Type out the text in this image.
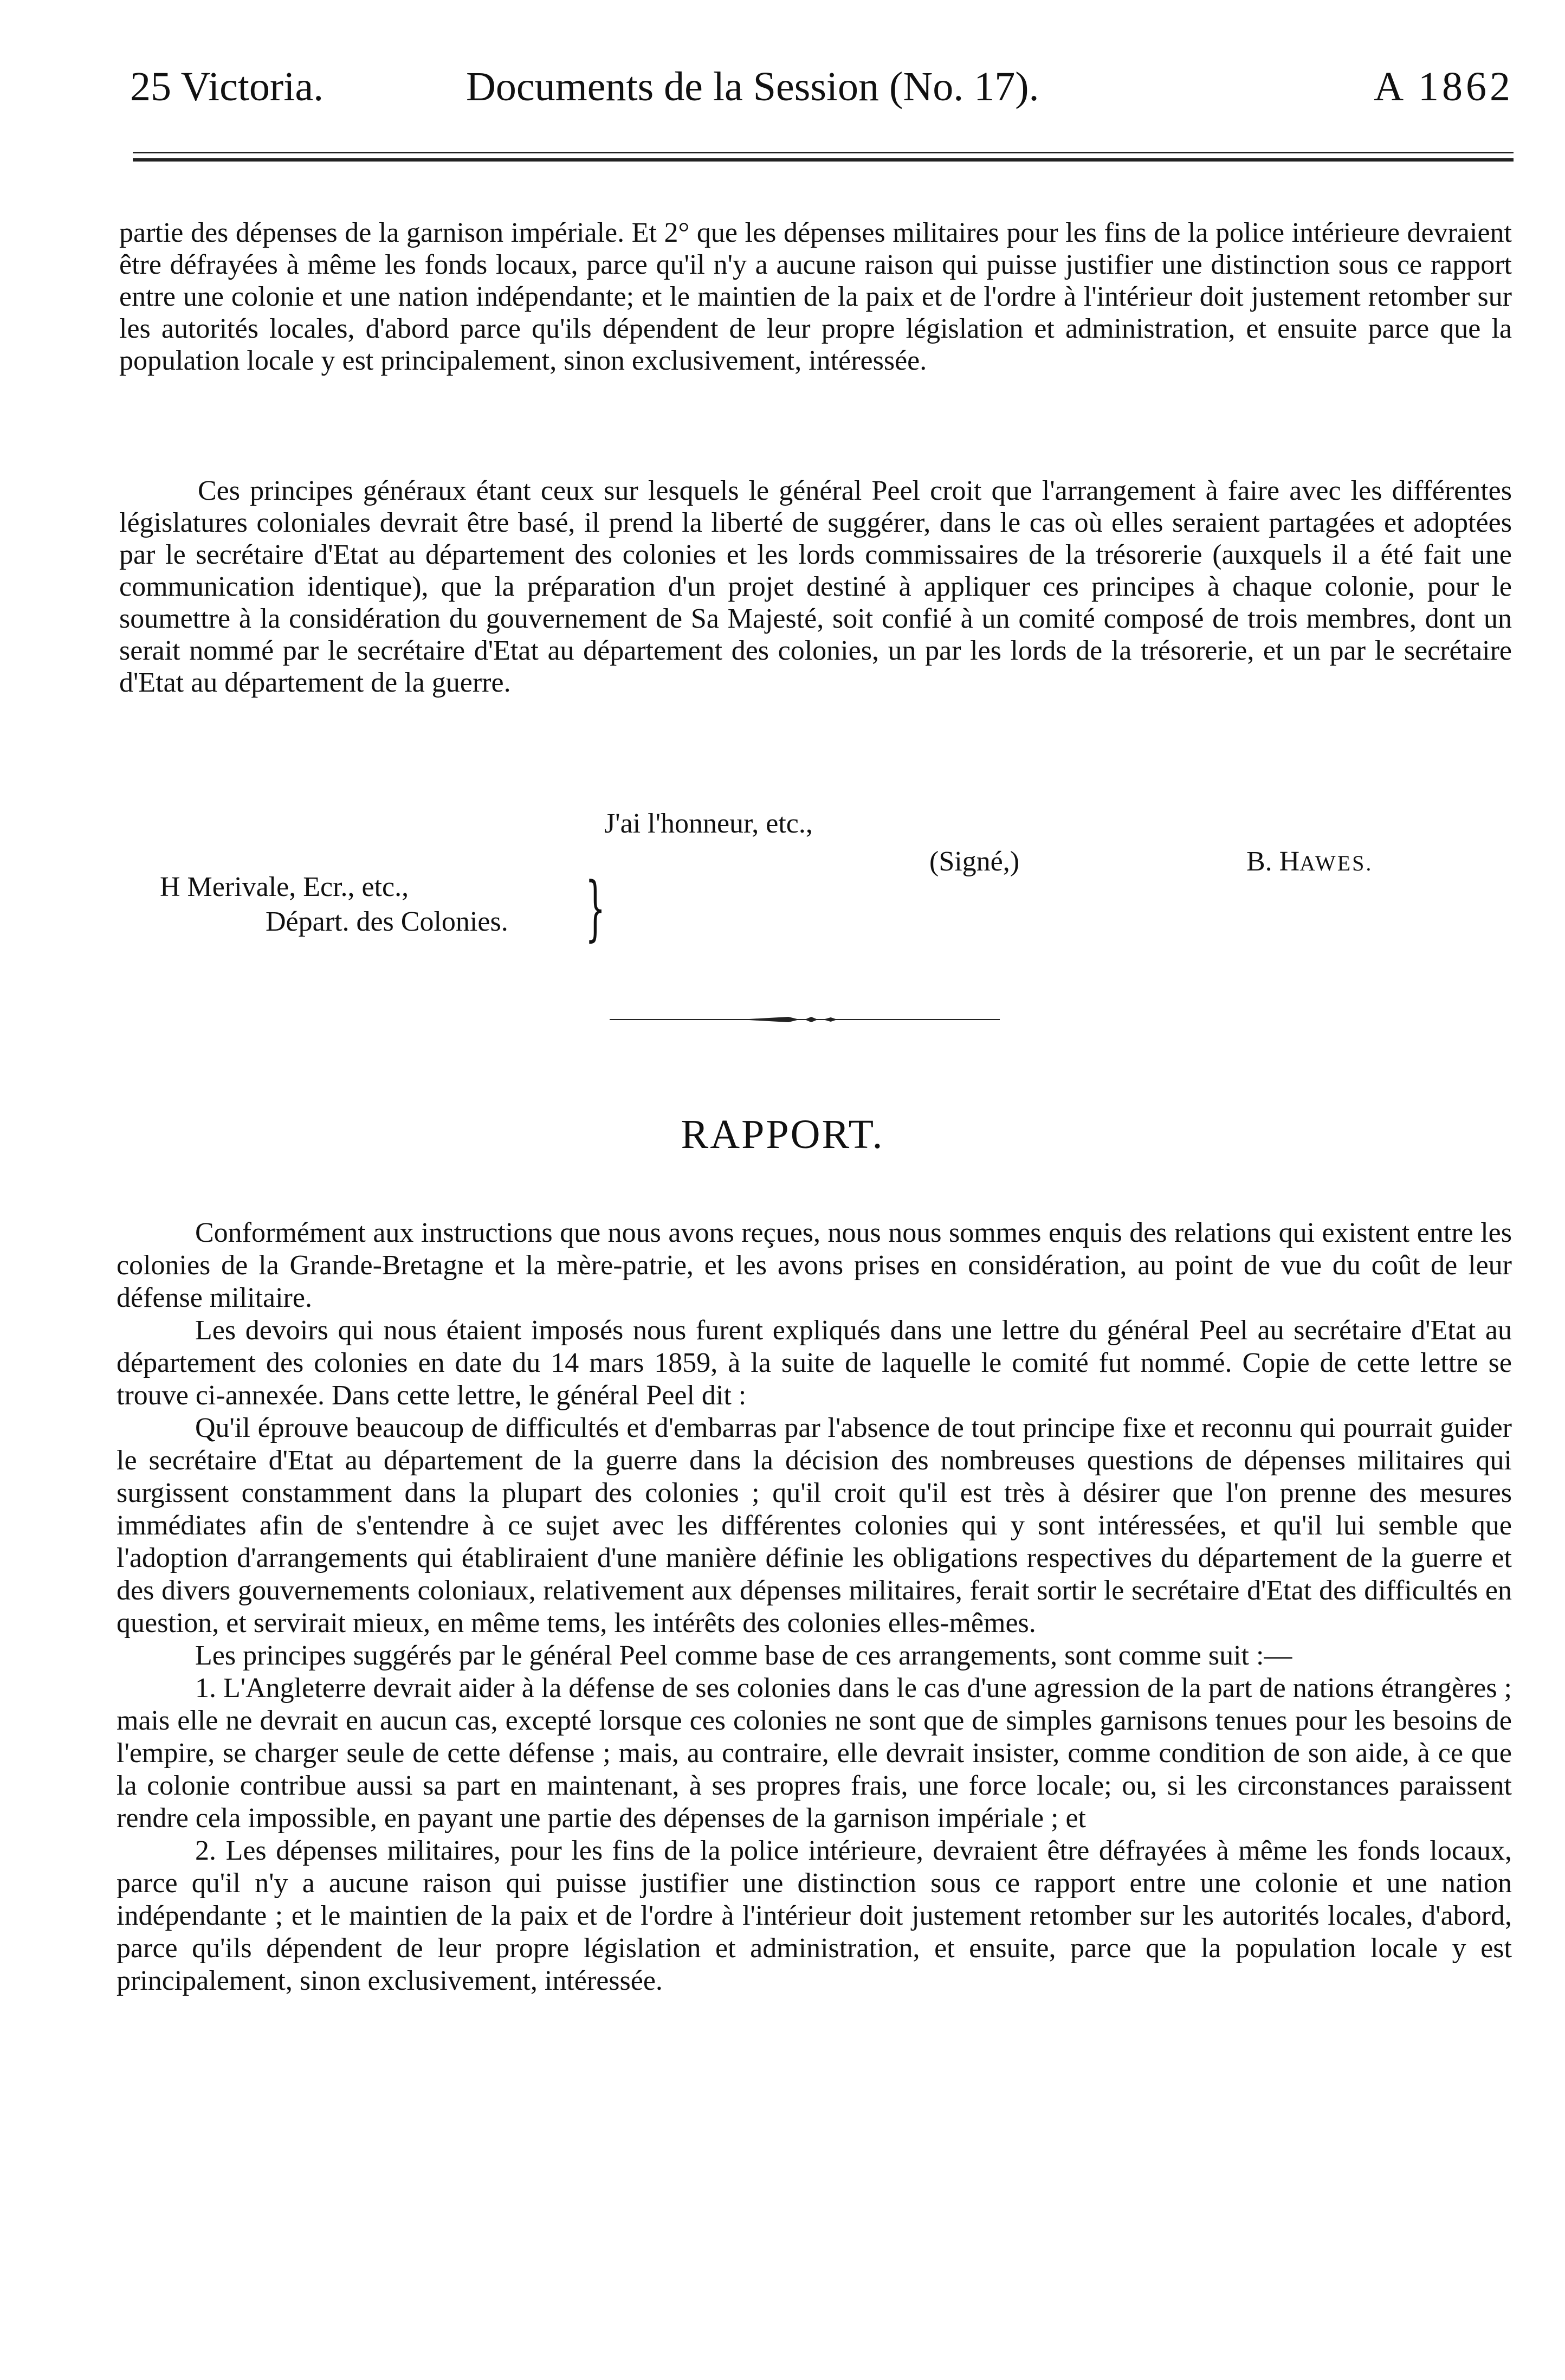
25 Victoria.	Documents de la Session (No. 17).	A 1862

partie des dépenses de la garnison impériale. Et 2° que les dépenses militaires pour les fins de la police intérieure devraient être défrayées à même les fonds locaux, parce qu'il n'y a aucune raison qui puisse justifier une distinction sous ce rapport entre une colonie et une nation indépendante; et le maintien de la paix et de l'ordre à l'intérieur doit justement retomber sur les autorités locales, d'abord parce qu'ils dépendent de leur propre législation et administration, et ensuite parce que la population locale y est principalement, sinon exclusivement, intéressée.

Ces principes généraux étant ceux sur lesquels le général Peel croit que l'arrangement à faire avec les différentes législatures coloniales devrait être basé, il prend la liberté de suggérer, dans le cas où elles seraient partagées et adoptées par le secrétaire d'Etat au département des colonies et les lords commissaires de la trésorerie (auxquels il a été fait une communication identique), que la préparation d'un projet destiné à appliquer ces principes à chaque colonie, pour le soumettre à la considération du gouvernement de Sa Majesté, soit confié à un comité composé de trois membres, dont un serait nommé par le secrétaire d'Etat au département des colonies, un par les lords de la trésorerie, et un par le secrétaire d'Etat au département de la guerre.

J'ai l'honneur, etc.,
(Signé,)	B. HAWES.
H Merivale, Ecr., etc.,
Départ. des Colonies. }
RAPPORT.

Conformément aux instructions que nous avons reçues, nous nous sommes enquis des relations qui existent entre les colonies de la Grande-Bretagne et la mère-patrie, et les avons prises en considération, au point de vue du coût de leur défense militaire.

Les devoirs qui nous étaient imposés nous furent expliqués dans une lettre du général Peel au secrétaire d'Etat au département des colonies en date du 14 mars 1859, à la suite de laquelle le comité fut nommé. Copie de cette lettre se trouve ci-annexée. Dans cette lettre, le général Peel dit :

Qu'il éprouve beaucoup de difficultés et d'embarras par l'absence de tout principe fixe et reconnu qui pourrait guider le secrétaire d'Etat au département de la guerre dans la décision des nombreuses questions de dépenses militaires qui surgissent constamment dans la plupart des colonies ; qu'il croit qu'il est très à désirer que l'on prenne des mesures immédiates afin de s'entendre à ce sujet avec les différentes colonies qui y sont intéressées, et qu'il lui semble que l'adoption d'arrangements qui établiraient d'une manière définie les obligations respectives du département de la guerre et des divers gouvernements coloniaux, relativement aux dépenses militaires, ferait sortir le secrétaire d'Etat des difficultés en question, et servirait mieux, en même tems, les intérêts des colonies elles-mêmes.

Les principes suggérés par le général Peel comme base de ces arrangements, sont comme suit :—

1. L'Angleterre devrait aider à la défense de ses colonies dans le cas d'une agression de la part de nations étrangères ; mais elle ne devrait en aucun cas, excepté lorsque ces colonies ne sont que de simples garnisons tenues pour les besoins de l'empire, se charger seule de cette défense ; mais, au contraire, elle devrait insister, comme condition de son aide, à ce que la colonie contribue aussi sa part en maintenant, à ses propres frais, une force locale; ou, si les circonstances paraissent rendre cela impossible, en payant une partie des dépenses de la garnison impériale ; et

2. Les dépenses militaires, pour les fins de la police intérieure, devraient être défrayées à même les fonds locaux, parce qu'il n'y a aucune raison qui puisse justifier une distinction sous ce rapport entre une colonie et une nation indépendante ; et le maintien de la paix et de l'ordre à l'intérieur doit justement retomber sur les autorités locales, d'abord, parce qu'ils dépendent de leur propre législation et administration, et ensuite, parce que la population locale y est principalement, sinon exclusivement, intéressée.
